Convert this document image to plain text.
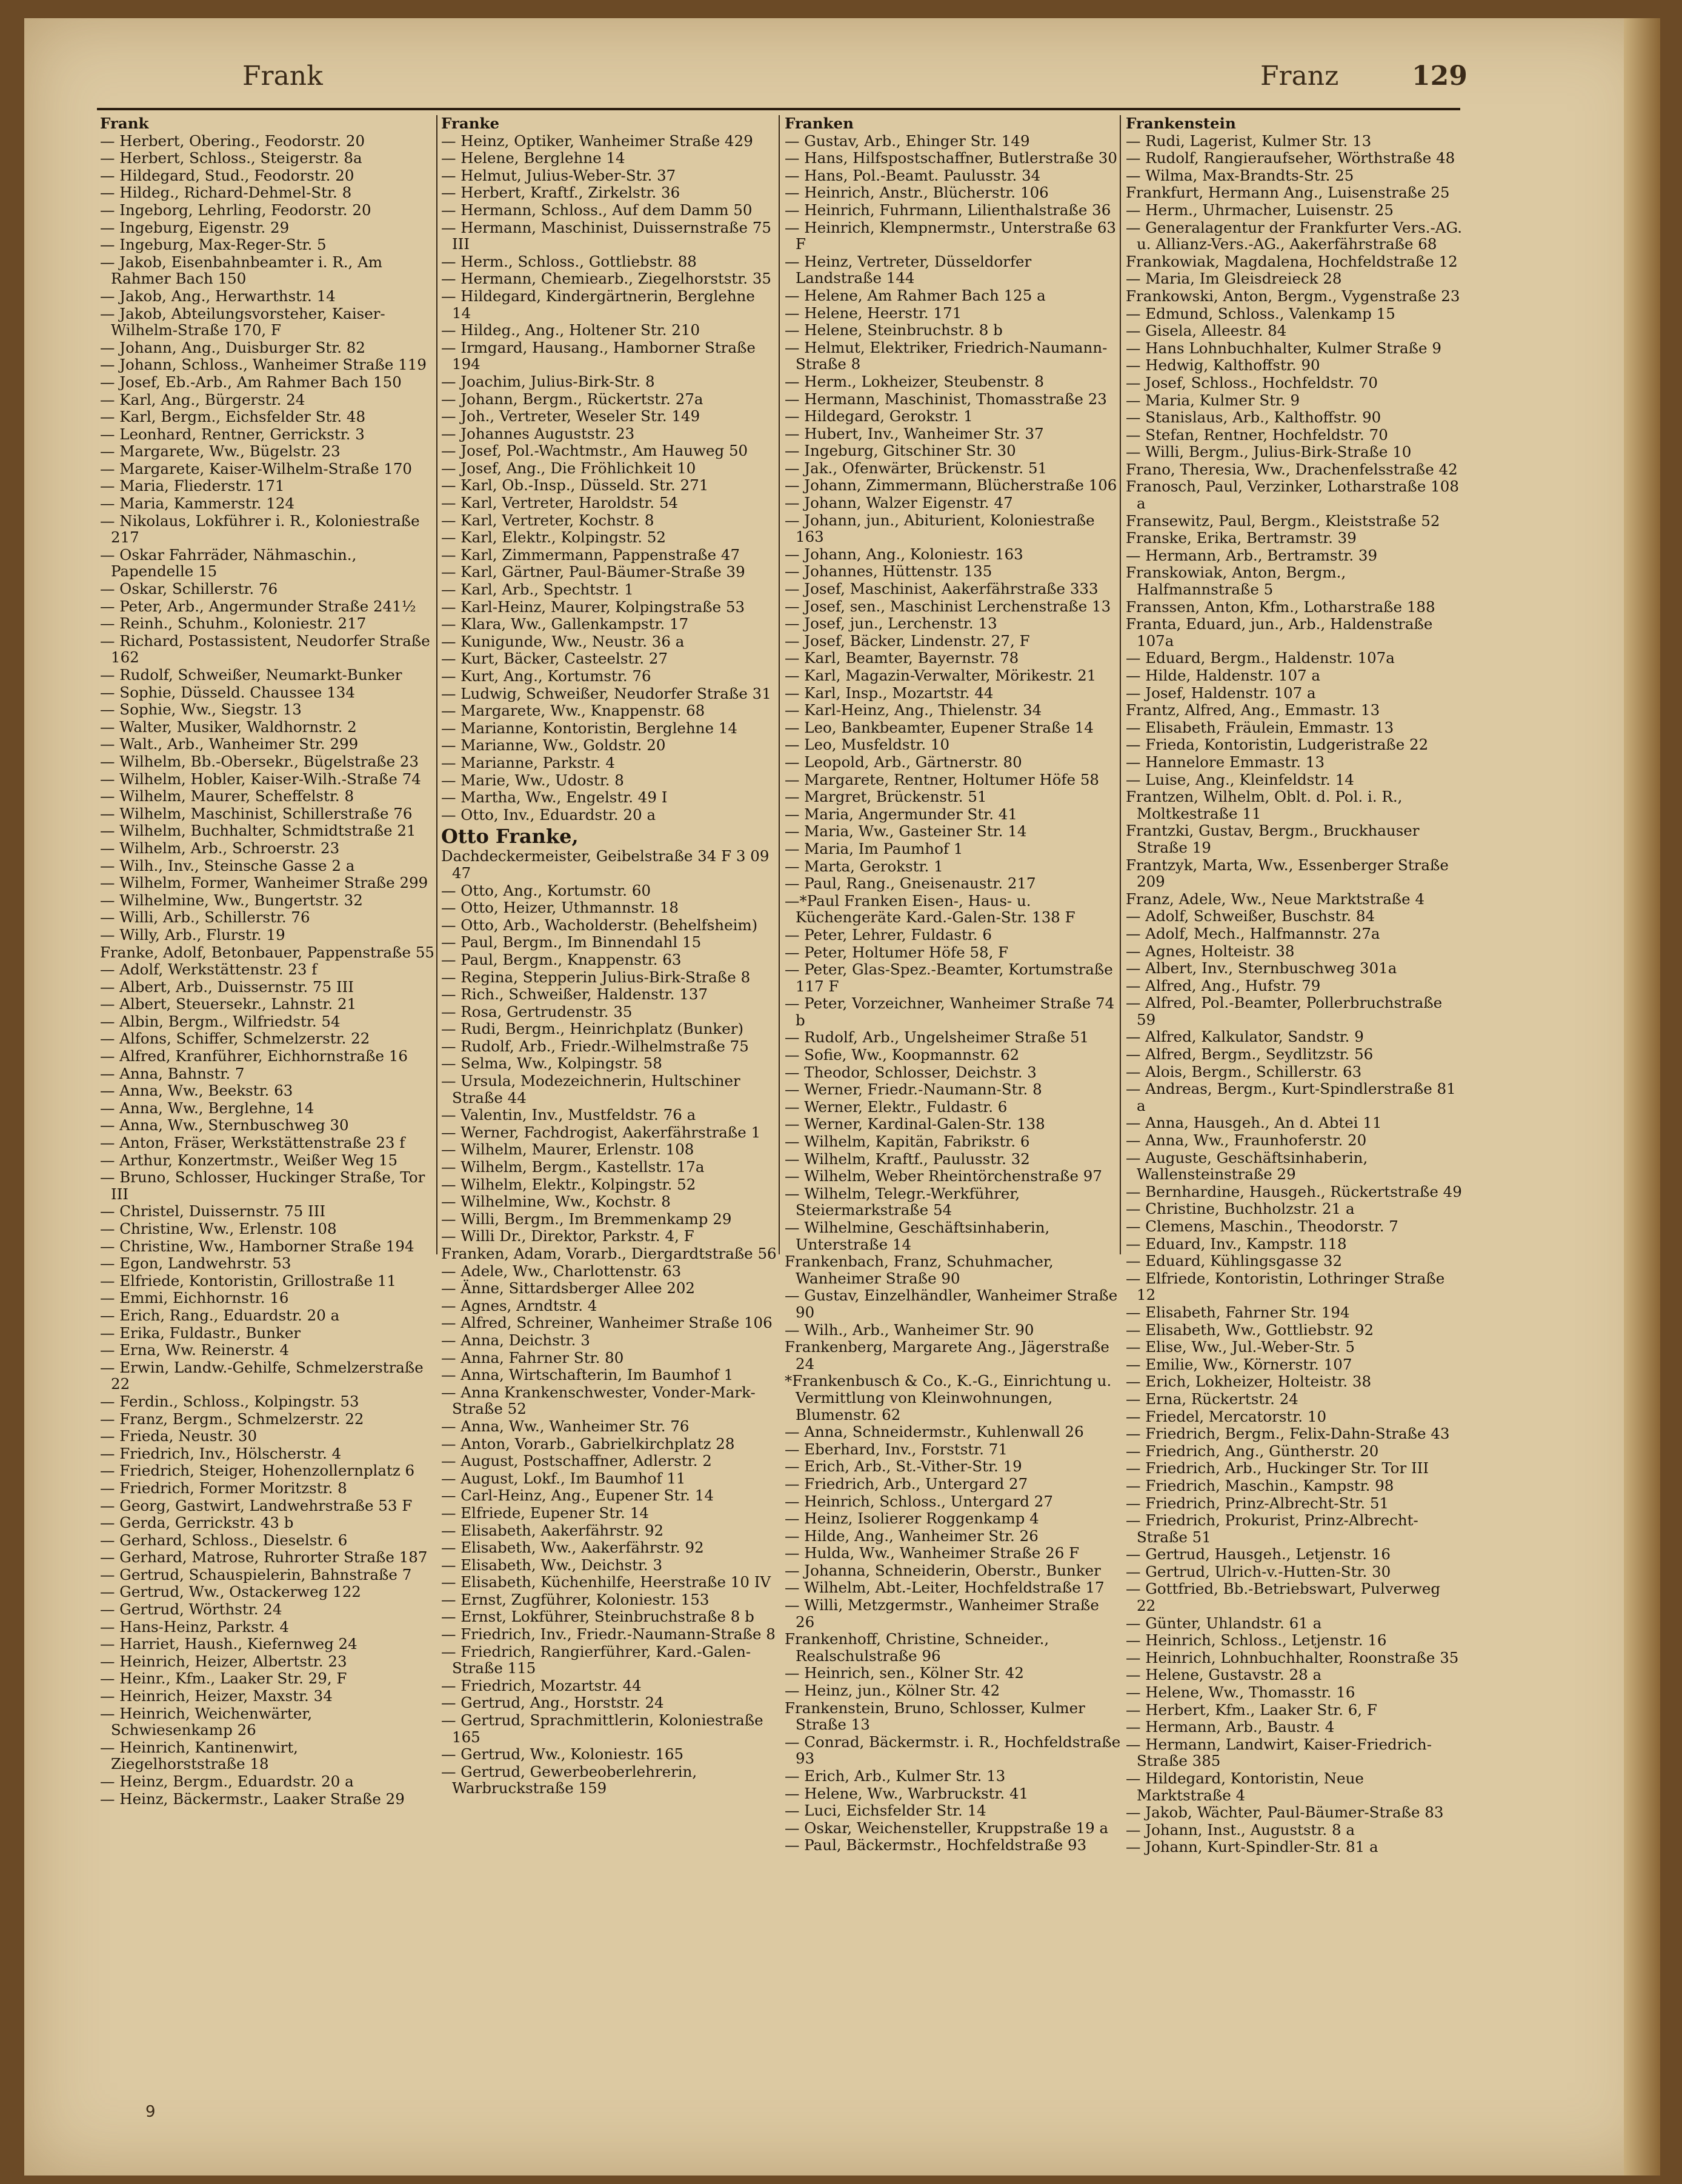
Frank	Franz	129
Frank
— Herbert, Obering., Feodorstr. 20
— Herbert, Schloss., Steigerstr. 8a
— Hildegard, Stud., Feodorstr. 20
— Hildeg., Richard-Dehmel-Str. 8
— Ingeborg, Lehrling, Feodorstr. 20
— Ingeburg, Eigenstr. 29
— Ingeburg, Max-Reger-Str. 5
— Jakob, Eisenbahnbeamter i. R., Am Rahmer Bach 150
— Jakob, Ang., Herwarthstr. 14
— Jakob, Abteilungsvorsteher, Kaiser-Wilhelm-Straße 170, F
— Johann, Ang., Duisburger Str. 82
— Johann, Schloss., Wanheimer Straße 119
— Josef, Eb.-Arb., Am Rahmer Bach 150
— Karl, Ang., Bürgerstr. 24
— Karl, Bergm., Eichsfelder Str. 48
— Leonhard, Rentner, Gerrickstr. 3
— Margarete, Ww., Bügelstr. 23
— Margarete, Kaiser-Wilhelm-Straße 170
— Maria, Fliederstr. 171
— Maria, Kammerstr. 124
— Nikolaus, Lokführer i. R., Koloniestraße 217
— Oskar Fahrräder, Nähmaschin., Papendelle 15
— Oskar, Schillerstr. 76
— Peter, Arb., Angermunder Straße 241½
— Reinh., Schuhm., Koloniestr. 217
— Richard, Postassistent, Neudorfer Straße 162
— Rudolf, Schweißer, Neumarkt-Bunker
— Sophie, Düsseld. Chaussee 134
— Sophie, Ww., Siegstr. 13
— Walter, Musiker, Waldhornstr. 2
— Walt., Arb., Wanheimer Str. 299
— Wilhelm, Bb.-Obersekr., Bügelstraße 23
— Wilhelm, Hobler, Kaiser-Wilh.-Straße 74
— Wilhelm, Maurer, Scheffelstr. 8
— Wilhelm, Maschinist, Schillerstraße 76
— Wilhelm, Buchhalter, Schmidtstraße 21
— Wilhelm, Arb., Schroerstr. 23
— Wilh., Inv., Steinsche Gasse 2 a
— Wilhelm, Former, Wanheimer Straße 299
— Wilhelmine, Ww., Bungertstr. 32
— Willi, Arb., Schillerstr. 76
— Willy, Arb., Flurstr. 19
Franke, Adolf, Betonbauer, Pappenstraße 55
— Adolf, Werkstättenstr. 23 f
— Albert, Arb., Duissernstr. 75 III
— Albert, Steuersekr., Lahnstr. 21
— Albin, Bergm., Wilfriedstr. 54
— Alfons, Schiffer, Schmelzerstr. 22
— Alfred, Kranführer, Eichhornstraße 16
— Anna, Bahnstr. 7
— Anna, Ww., Beekstr. 63
— Anna, Ww., Berglehne, 14
— Anna, Ww., Sternbuschweg 30
— Anton, Fräser, Werkstättenstraße 23 f
— Arthur, Konzertmstr., Weißer Weg 15
— Bruno, Schlosser, Huckinger Straße, Tor III
— Christel, Duissernstr. 75 III
— Christine, Ww., Erlenstr. 108
— Christine, Ww., Hamborner Straße 194
— Egon, Landwehrstr. 53
— Elfriede, Kontoristin, Grillostraße 11
— Emmi, Eichhornstr. 16
— Erich, Rang., Eduardstr. 20 a
— Erika, Fuldastr., Bunker
— Erna, Ww. Reinerstr. 4
— Erwin, Landw.-Gehilfe, Schmelzerstraße 22
— Ferdin., Schloss., Kolpingstr. 53
— Franz, Bergm., Schmelzerstr. 22
— Frieda, Neustr. 30
— Friedrich, Inv., Hölscherstr. 4
— Friedrich, Steiger, Hohenzollernplatz 6
— Friedrich, Former Moritzstr. 8
— Georg, Gastwirt, Landwehrstraße 53 F
— Gerda, Gerrickstr. 43 b
— Gerhard, Schloss., Dieselstr. 6
— Gerhard, Matrose, Ruhrorter Straße 187
— Gertrud, Schauspielerin, Bahnstraße 7
— Gertrud, Ww., Ostackerweg 122
— Gertrud, Wörthstr. 24
— Hans-Heinz, Parkstr. 4
— Harriet, Haush., Kiefernweg 24
— Heinrich, Heizer, Albertstr. 23
— Heinr., Kfm., Laaker Str. 29, F
— Heinrich, Heizer, Maxstr. 34
— Heinrich, Weichenwärter, Schwiesenkamp 26
— Heinrich, Kantinenwirt, Ziegelhorststraße 18
— Heinz, Bergm., Eduardstr. 20 a
— Heinz, Bäckermstr., Laaker Straße 29
Franke
— Heinz, Optiker, Wanheimer Straße 429
— Helene, Berglehne 14
— Helmut, Julius-Weber-Str. 37
— Herbert, Kraftf., Zirkelstr. 36
— Hermann, Schloss., Auf dem Damm 50
— Hermann, Maschinist, Duissernstraße 75 III
— Herm., Schloss., Gottliebstr. 88
— Hermann, Chemiearb., Ziegelhorststr. 35
— Hildegard, Kindergärtnerin, Berglehne 14
— Hildeg., Ang., Holtener Str. 210
— Irmgard, Hausang., Hamborner Straße 194
— Joachim, Julius-Birk-Str. 8
— Johann, Bergm., Rückertstr. 27a
— Joh., Vertreter, Weseler Str. 149
— Johannes Auguststr. 23
— Josef, Pol.-Wachtmstr., Am Hauweg 50
— Josef, Ang., Die Fröhlichkeit 10
— Karl, Ob.-Insp., Düsseld. Str. 271
— Karl, Vertreter, Haroldstr. 54
— Karl, Vertreter, Kochstr. 8
— Karl, Elektr., Kolpingstr. 52
— Karl, Zimmermann, Pappenstraße 47
— Karl, Gärtner, Paul-Bäumer-Straße 39
— Karl, Arb., Spechtstr. 1
— Karl-Heinz, Maurer, Kolpingstraße 53
— Klara, Ww., Gallenkampstr. 17
— Kunigunde, Ww., Neustr. 36 a
— Kurt, Bäcker, Casteelstr. 27
— Kurt, Ang., Kortumstr. 76
— Ludwig, Schweißer, Neudorfer Straße 31
— Margarete, Ww., Knappenstr. 68
— Marianne, Kontoristin, Berglehne 14
— Marianne, Ww., Goldstr. 20
— Marianne, Parkstr. 4
— Marie, Ww., Udostr. 8
— Martha, Ww., Engelstr. 49 I
— Otto, Inv., Eduardstr. 20 a
Otto Franke,
Dachdeckermeister, Geibelstraße 34 F 3 09 47
— Otto, Ang., Kortumstr. 60
— Otto, Heizer, Uthmannstr. 18
— Otto, Arb., Wacholderstr. (Behelfsheim)
— Paul, Bergm., Im Binnendahl 15
— Paul, Bergm., Knappenstr. 63
— Regina, Stepperin Julius-Birk-Straße 8
— Rich., Schweißer, Haldenstr. 137
— Rosa, Gertrudenstr. 35
— Rudi, Bergm., Heinrichplatz (Bunker)
— Rudolf, Arb., Friedr.-Wilhelmstraße 75
— Selma, Ww., Kolpingstr. 58
— Ursula, Modezeichnerin, Hultschiner Straße 44
— Valentin, Inv., Mustfeldstr. 76 a
— Werner, Fachdrogist, Aakerfährstraße 1
— Wilhelm, Maurer, Erlenstr. 108
— Wilhelm, Bergm., Kastellstr. 17a
— Wilhelm, Elektr., Kolpingstr. 52
— Wilhelmine, Ww., Kochstr. 8
— Willi, Bergm., Im Bremmenkamp 29
— Willi Dr., Direktor, Parkstr. 4, F
Franken, Adam, Vorarb., Diergardtstraße 56
— Adele, Ww., Charlottenstr. 63
— Änne, Sittardsberger Allee 202
— Agnes, Arndtstr. 4
— Alfred, Schreiner, Wanheimer Straße 106
— Anna, Deichstr. 3
— Anna, Fahrner Str. 80
— Anna, Wirtschafterin, Im Baumhof 1
— Anna Krankenschwester, Vonder-Mark-Straße 52
— Anna, Ww., Wanheimer Str. 76
— Anton, Vorarb., Gabrielkirchplatz 28
— August, Postschaffner, Adlerstr. 2
— August, Lokf., Im Baumhof 11
— Carl-Heinz, Ang., Eupener Str. 14
— Elfriede, Eupener Str. 14
— Elisabeth, Aakerfährstr. 92
— Elisabeth, Ww., Aakerfährstr. 92
— Elisabeth, Ww., Deichstr. 3
— Elisabeth, Küchenhilfe, Heerstraße 10 IV
— Ernst, Zugführer, Koloniestr. 153
— Ernst, Lokführer, Steinbruchstraße 8 b
— Friedrich, Inv., Friedr.-Naumann-Straße 8
— Friedrich, Rangierführer, Kard.-Galen-Straße 115
— Friedrich, Mozartstr. 44
— Gertrud, Ang., Horststr. 24
— Gertrud, Sprachmittlerin, Koloniestraße 165
— Gertrud, Ww., Koloniestr. 165
— Gertrud, Gewerbeoberlehrerin, Warbruckstraße 159
Franken
— Gustav, Arb., Ehinger Str. 149
— Hans, Hilfspostschaffner, Butlerstraße 30
— Hans, Pol.-Beamt. Paulusstr. 34
— Heinrich, Anstr., Blücherstr. 106
— Heinrich, Fuhrmann, Lilienthalstraße 36
— Heinrich, Klempnermstr., Unterstraße 63 F
— Heinz, Vertreter, Düsseldorfer Landstraße 144
— Helene, Am Rahmer Bach 125 a
— Helene, Heerstr. 171
— Helene, Steinbruchstr. 8 b
— Helmut, Elektriker, Friedrich-Naumann-Straße 8
— Herm., Lokheizer, Steubenstr. 8
— Hermann, Maschinist, Thomasstraße 23
— Hildegard, Gerokstr. 1
— Hubert, Inv., Wanheimer Str. 37
— Ingeburg, Gitschiner Str. 30
— Jak., Ofenwärter, Brückenstr. 51
— Johann, Zimmermann, Blücherstraße 106
— Johann, Walzer Eigenstr. 47
— Johann, jun., Abiturient, Koloniestraße 163
— Johann, Ang., Koloniestr. 163
— Johannes, Hüttenstr. 135
— Josef, Maschinist, Aakerfährstraße 333
— Josef, sen., Maschinist Lerchenstraße 13
— Josef, jun., Lerchenstr. 13
— Josef, Bäcker, Lindenstr. 27, F
— Karl, Beamter, Bayernstr. 78
— Karl, Magazin-Verwalter, Mörikestr. 21
— Karl, Insp., Mozartstr. 44
— Karl-Heinz, Ang., Thielenstr. 34
— Leo, Bankbeamter, Eupener Straße 14
— Leo, Musfeldstr. 10
— Leopold, Arb., Gärtnerstr. 80
— Margarete, Rentner, Holtumer Höfe 58
— Margret, Brückenstr. 51
— Maria, Angermunder Str. 41
— Maria, Ww., Gasteiner Str. 14
— Maria, Im Paumhof 1
— Marta, Gerokstr. 1
— Paul, Rang., Gneisenaustr. 217
—*Paul Franken Eisen-, Haus- u. Küchengeräte Kard.-Galen-Str. 138 F
— Peter, Lehrer, Fuldastr. 6
— Peter, Holtumer Höfe 58, F
— Peter, Glas-Spez.-Beamter, Kortumstraße 117 F
— Peter, Vorzeichner, Wanheimer Straße 74 b
— Rudolf, Arb., Ungelsheimer Straße 51
— Sofie, Ww., Koopmannstr. 62
— Theodor, Schlosser, Deichstr. 3
— Werner, Friedr.-Naumann-Str. 8
— Werner, Elektr., Fuldastr. 6
— Werner, Kardinal-Galen-Str. 138
— Wilhelm, Kapitän, Fabrikstr. 6
— Wilhelm, Kraftf., Paulusstr. 32
— Wilhelm, Weber Rheintörchenstraße 97
— Wilhelm, Telegr.-Werkführer, Steiermarkstraße 54
— Wilhelmine, Geschäftsinhaberin, Unterstraße 14
Frankenbach, Franz, Schuhmacher, Wanheimer Straße 90
— Gustav, Einzelhändler, Wanheimer Straße 90
— Wilh., Arb., Wanheimer Str. 90
Frankenberg, Margarete Ang., Jägerstraße 24
*Frankenbusch & Co., K.-G., Einrichtung u. Vermittlung von Kleinwohnungen, Blumenstr. 62
— Anna, Schneidermstr., Kuhlenwall 26
— Eberhard, Inv., Forststr. 71
— Erich, Arb., St.-Vither-Str. 19
— Friedrich, Arb., Untergard 27
— Heinrich, Schloss., Untergard 27
— Heinz, Isolierer Roggenkamp 4
— Hilde, Ang., Wanheimer Str. 26
— Hulda, Ww., Wanheimer Straße 26 F
— Johanna, Schneiderin, Oberstr., Bunker
— Wilhelm, Abt.-Leiter, Hochfeldstraße 17
— Willi, Metzgermstr., Wanheimer Straße 26
Frankenhoff, Christine, Schneider., Realschulstraße 96
— Heinrich, sen., Kölner Str. 42
— Heinz, jun., Kölner Str. 42
Frankenstein, Bruno, Schlosser, Kulmer Straße 13
— Conrad, Bäckermstr. i. R., Hochfeldstraße 93
— Erich, Arb., Kulmer Str. 13
— Helene, Ww., Warbruckstr. 41
— Luci, Eichsfelder Str. 14
— Oskar, Weichensteller, Kruppstraße 19 a
— Paul, Bäckermstr., Hochfeldstraße 93
Frankenstein
— Rudi, Lagerist, Kulmer Str. 13
— Rudolf, Rangieraufseher, Wörthstraße 48
— Wilma, Max-Brandts-Str. 25
Frankfurt, Hermann Ang., Luisenstraße 25
— Herm., Uhrmacher, Luisenstr. 25
— Generalagentur der Frankfurter Vers.-AG. u. Allianz-Vers.-AG., Aakerfährstraße 68
Frankowiak, Magdalena, Hochfeldstraße 12
— Maria, Im Gleisdreieck 28
Frankowski, Anton, Bergm., Vygenstraße 23
— Edmund, Schloss., Valenkamp 15
— Gisela, Alleestr. 84
— Hans Lohnbuchhalter, Kulmer Straße 9
— Hedwig, Kalthoffstr. 90
— Josef, Schloss., Hochfeldstr. 70
— Maria, Kulmer Str. 9
— Stanislaus, Arb., Kalthoffstr. 90
— Stefan, Rentner, Hochfeldstr. 70
— Willi, Bergm., Julius-Birk-Straße 10
Frano, Theresia, Ww., Drachenfelsstraße 42
Franosch, Paul, Verzinker, Lotharstraße 108 a
Fransewitz, Paul, Bergm., Kleiststraße 52
Franske, Erika, Bertramstr. 39
— Hermann, Arb., Bertramstr. 39
Franskowiak, Anton, Bergm., Halfmannstraße 5
Franssen, Anton, Kfm., Lotharstraße 188
Franta, Eduard, jun., Arb., Haldenstraße 107a
— Eduard, Bergm., Haldenstr. 107a
— Hilde, Haldenstr. 107 a
— Josef, Haldenstr. 107 a
Frantz, Alfred, Ang., Emmastr. 13
— Elisabeth, Fräulein, Emmastr. 13
— Frieda, Kontoristin, Ludgeristraße 22
— Hannelore Emmastr. 13
— Luise, Ang., Kleinfeldstr. 14
Frantzen, Wilhelm, Oblt. d. Pol. i. R., Moltkestraße 11
Frantzki, Gustav, Bergm., Bruckhauser Straße 19
Frantzyk, Marta, Ww., Essenberger Straße 209
Franz, Adele, Ww., Neue Marktstraße 4
— Adolf, Schweißer, Buschstr. 84
— Adolf, Mech., Halfmannstr. 27a
— Agnes, Holteistr. 38
— Albert, Inv., Sternbuschweg 301a
— Alfred, Ang., Hufstr. 79
— Alfred, Pol.-Beamter, Pollerbruchstraße 59
— Alfred, Kalkulator, Sandstr. 9
— Alfred, Bergm., Seydlitzstr. 56
— Alois, Bergm., Schillerstr. 63
— Andreas, Bergm., Kurt-Spindlerstraße 81 a
— Anna, Hausgeh., An d. Abtei 11
— Anna, Ww., Fraunhoferstr. 20
— Auguste, Geschäftsinhaberin, Wallensteinstraße 29
— Bernhardine, Hausgeh., Rückertstraße 49
— Christine, Buchholzstr. 21 a
— Clemens, Maschin., Theodorstr. 7
— Eduard, Inv., Kampstr. 118
— Eduard, Kühlingsgasse 32
— Elfriede, Kontoristin, Lothringer Straße 12
— Elisabeth, Fahrner Str. 194
— Elisabeth, Ww., Gottliebstr. 92
— Elise, Ww., Jul.-Weber-Str. 5
— Emilie, Ww., Körnerstr. 107
— Erich, Lokheizer, Holteistr. 38
— Erna, Rückertstr. 24
— Friedel, Mercatorstr. 10
— Friedrich, Bergm., Felix-Dahn-Straße 43
— Friedrich, Ang., Güntherstr. 20
— Friedrich, Arb., Huckinger Str. Tor III
— Friedrich, Maschin., Kampstr. 98
— Friedrich, Prinz-Albrecht-Str. 51
— Friedrich, Prokurist, Prinz-Albrecht-Straße 51
— Gertrud, Hausgeh., Letjenstr. 16
— Gertrud, Ulrich-v.-Hutten-Str. 30
— Gottfried, Bb.-Betriebswart, Pulverweg 22
— Günter, Uhlandstr. 61 a
— Heinrich, Schloss., Letjenstr. 16
— Heinrich, Lohnbuchhalter, Roonstraße 35
— Helene, Gustavstr. 28 a
— Helene, Ww., Thomasstr. 16
— Herbert, Kfm., Laaker Str. 6, F
— Hermann, Arb., Baustr. 4
— Hermann, Landwirt, Kaiser-Friedrich-Straße 385
— Hildegard, Kontoristin, Neue Marktstraße 4
— Jakob, Wächter, Paul-Bäumer-Straße 83
— Johann, Inst., Auguststr. 8 a
— Johann, Kurt-Spindler-Str. 81 a
9
